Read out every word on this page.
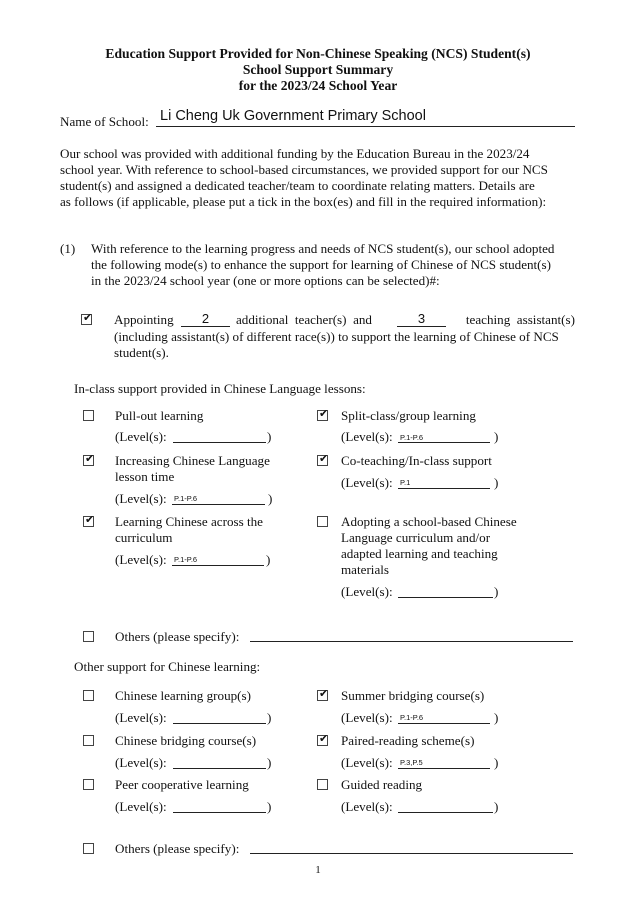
Education Support Provided for Non-Chinese Speaking (NCS) Student(s)
School Support Summary
for the 2023/24 School Year
Name of School: Li Cheng Uk Government Primary School
Our school was provided with additional funding by the Education Bureau in the 2023/24
school year. With reference to school-based circumstances, we provided support for our NCS
student(s) and assigned a dedicated teacher/team to coordinate relating matters. Details are
as follows (if applicable, please put a tick in the box(es) and fill in the required information):
(1) With reference to the learning progress and needs of NCS student(s), our school adopted
the following mode(s) to enhance the support for learning of Chinese of NCS student(s)
in the 2023/24 school year (one or more options can be selected)#:
✔ Appointing	2	additional  teacher(s)  and	3	teaching  assistant(s)
(including assistant(s) of different race(s)) to support the learning of Chinese of NCS
student(s).
In-class support provided in Chinese Language lessons:
Pull-out learning
(Level(s):	)
✔ Split-class/group learning
(Level(s): P.1-P.6	)
✔ Increasing Chinese Language
lesson time
(Level(s): P.1-P.6	)
✔ Co-teaching/In-class support
(Level(s): P.1	)
✔ Learning Chinese across the
curriculum
(Level(s): P.1-P.6	)
Adopting a school-based Chinese
Language curriculum and/or
adapted learning and teaching
materials
(Level(s):	)
Others (please specify):
Other support for Chinese learning:
Chinese learning group(s)
(Level(s):	)
✔ Summer bridging course(s)
(Level(s): P.1-P.6	)
Chinese bridging course(s)
(Level(s):	)
✔ Paired-reading scheme(s)
(Level(s): P.3,P.5	)
Peer cooperative learning
(Level(s):	)
Guided reading
(Level(s):	)
Others (please specify):
1
